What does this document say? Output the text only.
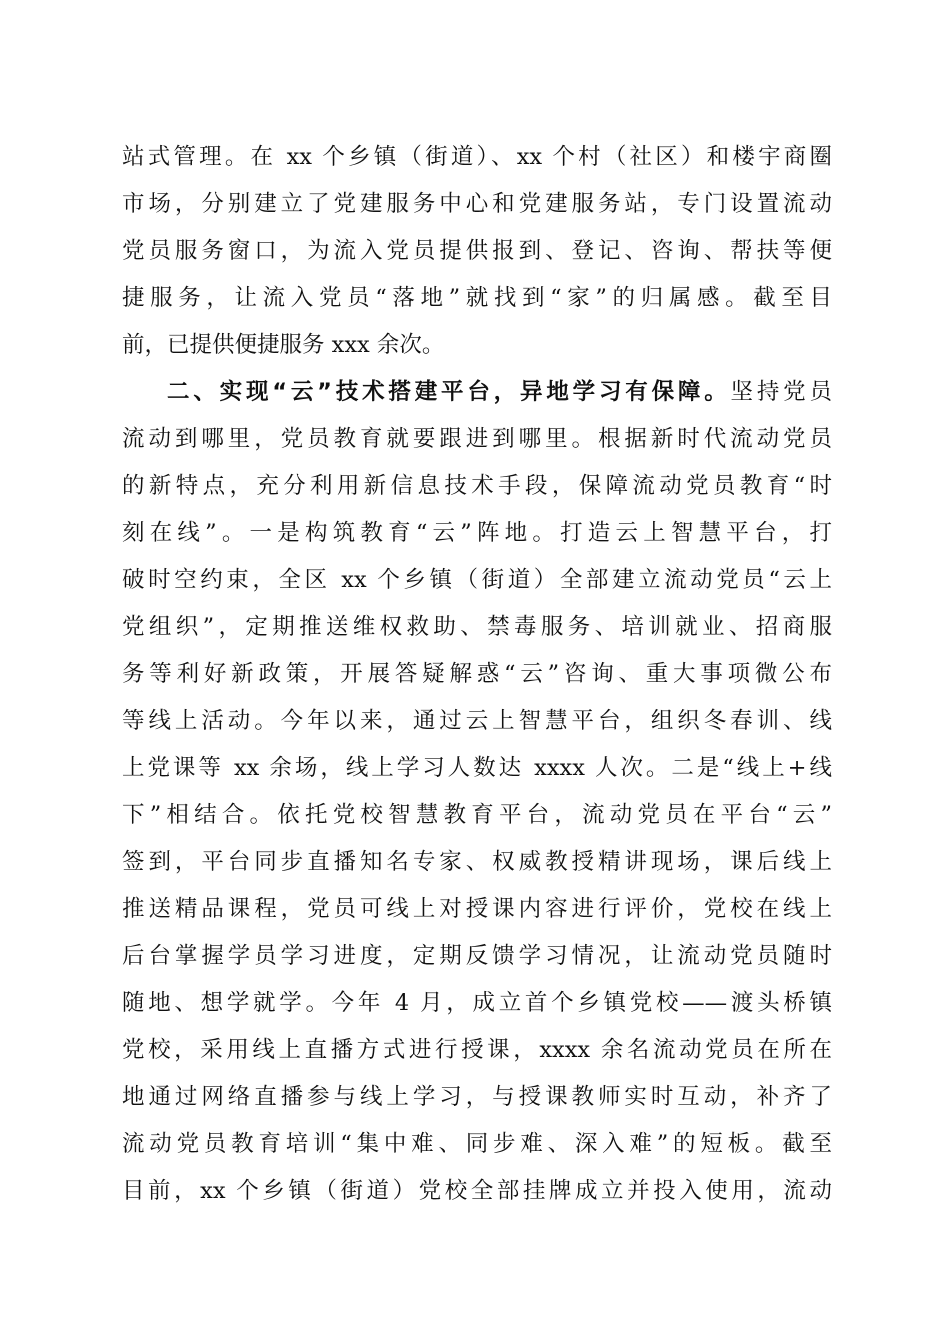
站式管理。在 xx 个乡镇（街道）、xx 个村（社区）和楼宇商圈
市场，分别建立了党建服务中心和党建服务站，专门设置流动
党员服务窗口，为流入党员提供报到、登记、咨询、帮扶等便
捷服务，让流入党员“落地”就找到“家”的归属感。截至目
前，已提供便捷服务 xxx 余次。
二、实现“云”技术搭建平台，异地学习有保障。坚持党员
流动到哪里，党员教育就要跟进到哪里。根据新时代流动党员
的新特点，充分利用新信息技术手段，保障流动党员教育“时
刻在线”。一是构筑教育“云”阵地。打造云上智慧平台，打
破时空约束，全区 xx 个乡镇（街道）全部建立流动党员“云上
党组织”，定期推送维权救助、禁毒服务、培训就业、招商服
务等利好新政策，开展答疑解惑“云”咨询、重大事项微公布
等线上活动。今年以来，通过云上智慧平台，组织冬春训、线
上党课等 xx 余场，线上学习人数达 xxxx 人次。二是“线上+线
下”相结合。依托党校智慧教育平台，流动党员在平台“云”
签到，平台同步直播知名专家、权威教授精讲现场，课后线上
推送精品课程，党员可线上对授课内容进行评价，党校在线上
后台掌握学员学习进度，定期反馈学习情况，让流动党员随时
随地、想学就学。今年 4 月，成立首个乡镇党校——渡头桥镇
党校，采用线上直播方式进行授课，xxxx 余名流动党员在所在
地通过网络直播参与线上学习，与授课教师实时互动，补齐了
流动党员教育培训“集中难、同步难、深入难”的短板。截至
目前，xx 个乡镇（街道）党校全部挂牌成立并投入使用，流动
